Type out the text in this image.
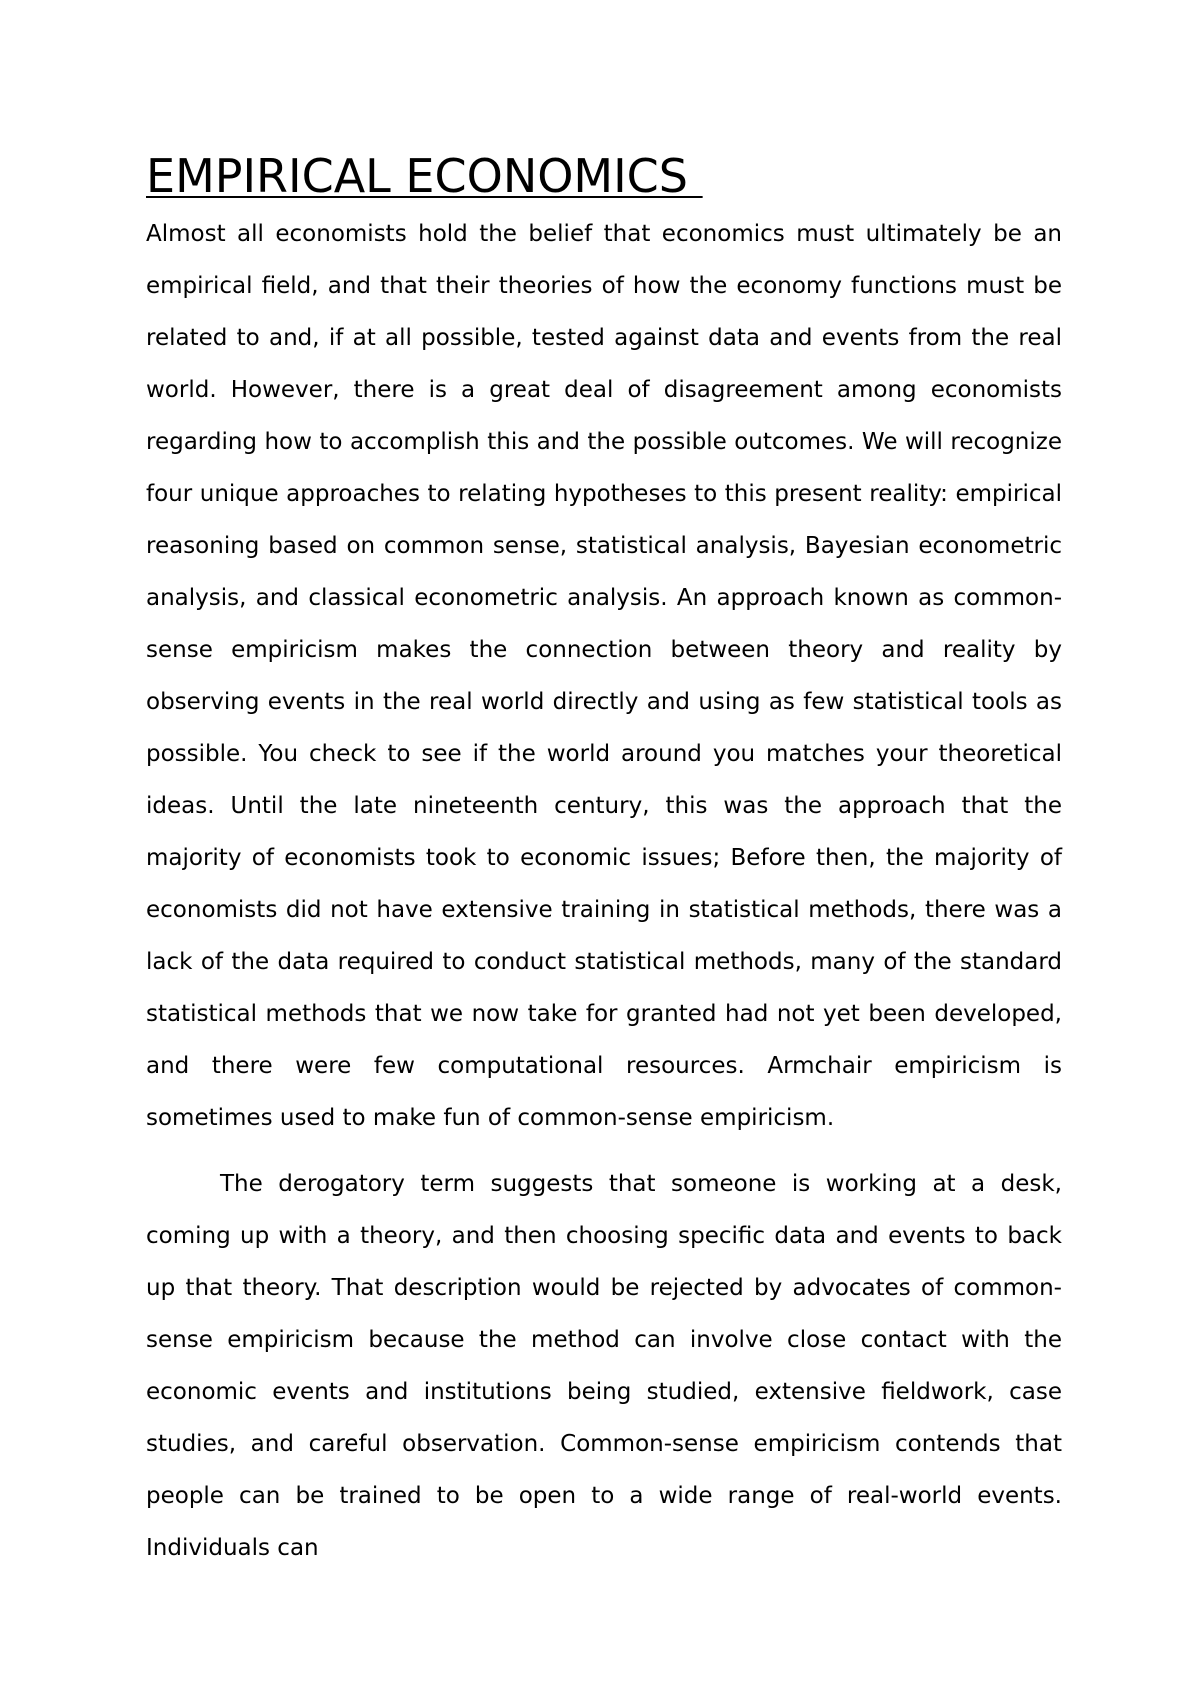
EMPIRICAL ECONOMICS

Almost all economists hold the belief that economics must ultimately be an empirical field, and that their theories of how the economy functions must be related to and, if at all possible, tested against data and events from the real world. However, there is a great deal of disagreement among economists regarding how to accomplish this and the possible outcomes. We will recognize four unique approaches to relating hypotheses to this present reality: empirical reasoning based on common sense, statistical analysis, Bayesian econometric analysis, and classical econometric analysis. An approach known as common-sense empiricism makes the connection between theory and reality by observing events in the real world directly and using as few statistical tools as possible. You check to see if the world around you matches your theoretical ideas. Until the late nineteenth century, this was the approach that the majority of economists took to economic issues; Before then, the majority of economists did not have extensive training in statistical methods, there was a lack of the data required to conduct statistical methods, many of the standard statistical methods that we now take for granted had not yet been developed, and there were few computational resources. Armchair empiricism is sometimes used to make fun of common-sense empiricism.

The derogatory term suggests that someone is working at a desk, coming up with a theory, and then choosing specific data and events to back up that theory. That description would be rejected by advocates of common-sense empiricism because the method can involve close contact with the economic events and institutions being studied, extensive fieldwork, case studies, and careful observation. Common-sense empiricism contends that people can be trained to be open to a wide range of real-world events. Individuals can
